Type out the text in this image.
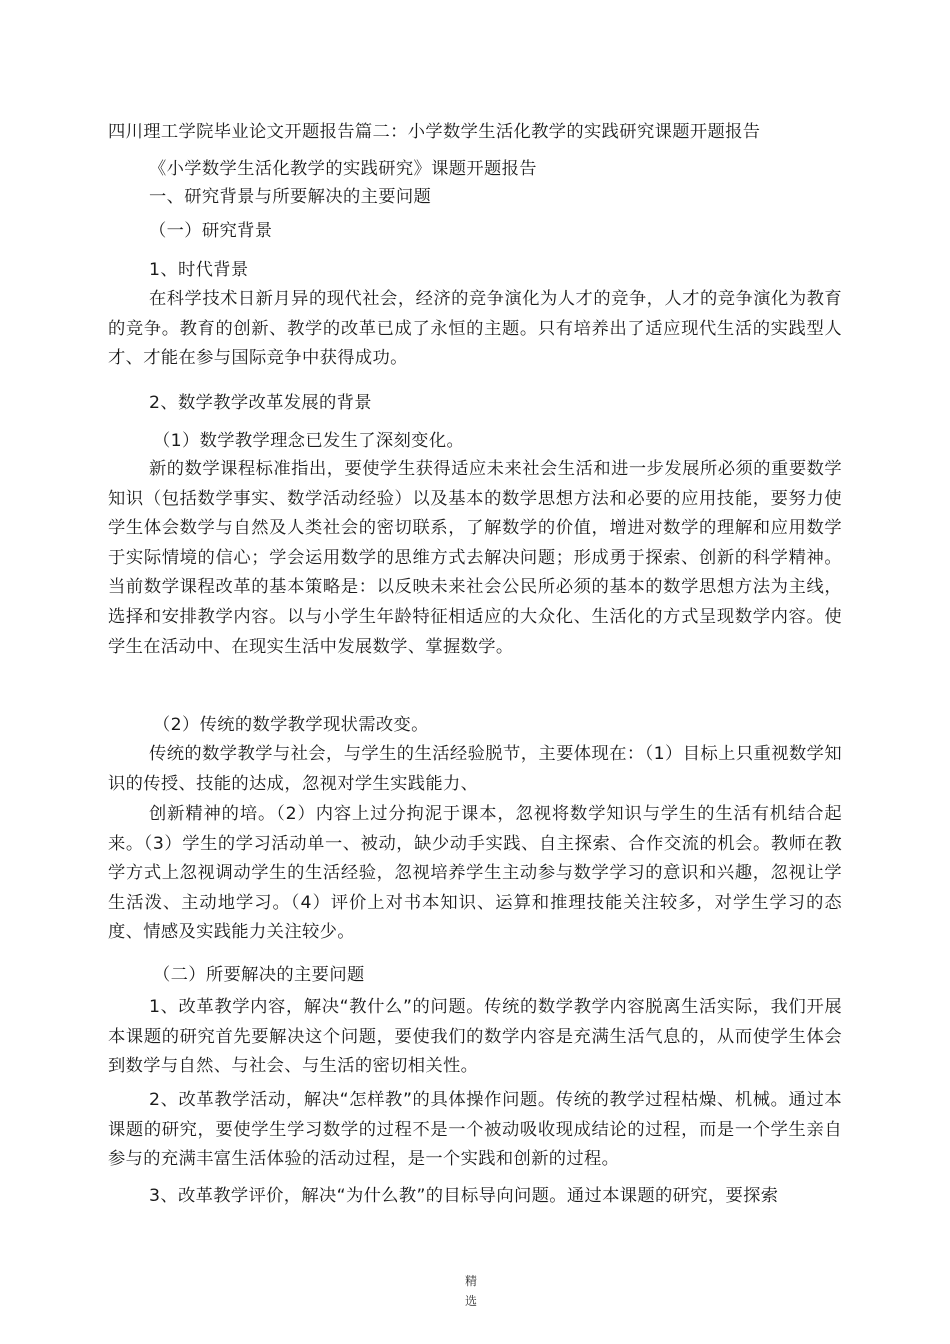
四川理工学院毕业论文开题报告篇二：小学数学生活化教学的实践研究课题开题报告

《小学数学生活化教学的实践研究》课题开题报告

一、研究背景与所要解决的主要问题

（一）研究背景

1、时代背景

在科学技术日新月异的现代社会，经济的竞争演化为人才的竞争，人才的竞争演化为教育的竞争。教育的创新、教学的改革已成了永恒的主题。只有培养出了适应现代生活的实践型人才、才能在参与国际竞争中获得成功。

2、数学教学改革发展的背景

（1）数学教学理念已发生了深刻变化。

新的数学课程标准指出，要使学生获得适应未来社会生活和进一步发展所必须的重要数学知识（包括数学事实、数学活动经验）以及基本的数学思想方法和必要的应用技能，要努力使学生体会数学与自然及人类社会的密切联系，了解数学的价值，增进对数学的理解和应用数学于实际情境的信心；学会运用数学的思维方式去解决问题；形成勇于探索、创新的科学精神。当前数学课程改革的基本策略是：以反映未来社会公民所必须的基本的数学思想方法为主线，选择和安排教学内容。以与小学生年龄特征相适应的大众化、生活化的方式呈现数学内容。使学生在活动中、在现实生活中发展数学、掌握数学。

（2）传统的数学教学现状需改变。

传统的数学教学与社会，与学生的生活经验脱节，主要体现在：（1）目标上只重视数学知识的传授、技能的达成，忽视对学生实践能力、

创新精神的培。（2）内容上过分拘泥于课本，忽视将数学知识与学生的生活有机结合起来。（3）学生的学习活动单一、被动，缺少动手实践、自主探索、合作交流的机会。教师在教学方式上忽视调动学生的生活经验，忽视培养学生主动参与数学学习的意识和兴趣，忽视让学生活泼、主动地学习。（4）评价上对书本知识、运算和推理技能关注较多，对学生学习的态度、情感及实践能力关注较少。

（二）所要解决的主要问题

1、改革教学内容，解决“教什么”的问题。传统的数学教学内容脱离生活实际，我们开展本课题的研究首先要解决这个问题，要使我们的数学内容是充满生活气息的，从而使学生体会到数学与自然、与社会、与生活的密切相关性。

2、改革教学活动，解决“怎样教”的具体操作问题。传统的教学过程枯燥、机械。通过本课题的研究，要使学生学习数学的过程不是一个被动吸收现成结论的过程，而是一个学生亲自参与的充满丰富生活体验的活动过程，是一个实践和创新的过程。

3、改革教学评价，解决“为什么教”的目标导向问题。通过本课题的研究，要探索

精
选
